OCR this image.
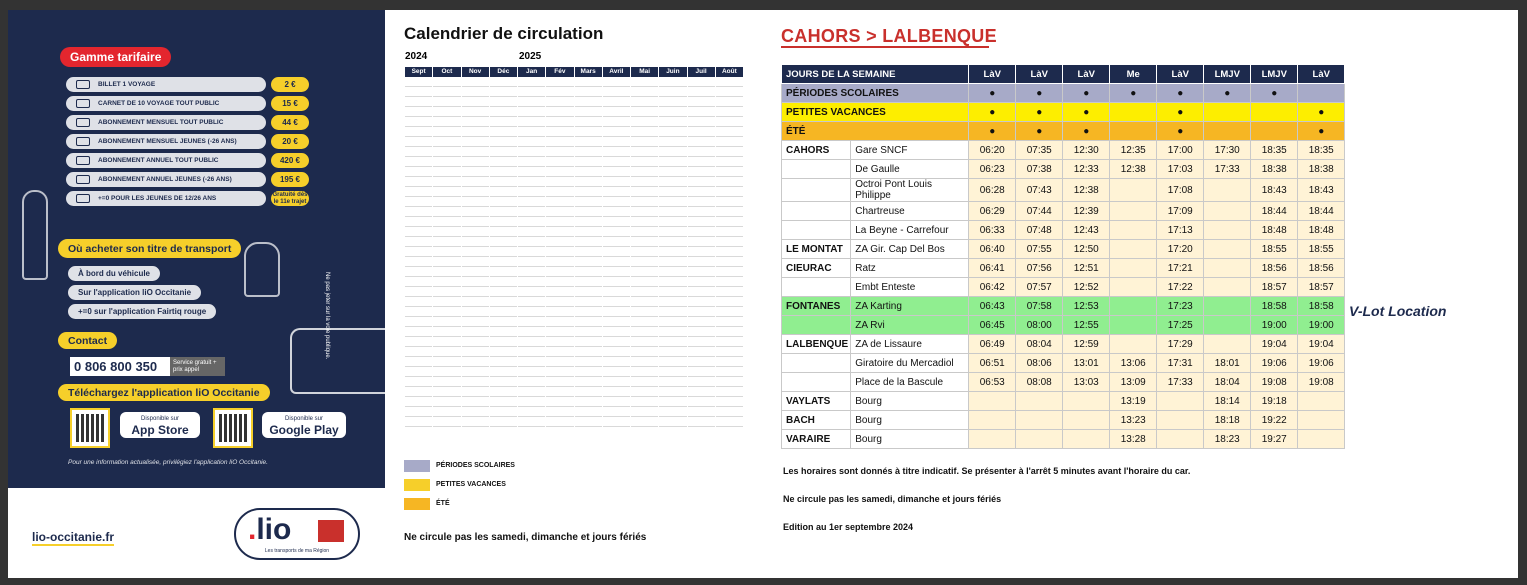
Gamme tarifaire
BILLET 1 VOYAGE	2 €
CARNET DE 10 VOYAGE TOUT PUBLIC	15 €
ABONNEMENT MENSUEL TOUT PUBLIC	44 €
ABONNEMENT MENSUEL JEUNES (-26 ANS)	20 €
ABONNEMENT ANNUEL TOUT PUBLIC	420 €
ABONNEMENT ANNUEL JEUNES (-26 ANS)	195 €
+=0 POUR LES JEUNES DE 12/26 ANS
Gratuité dès le 11e trajet
Où acheter son titre de transport
À bord du véhicule
Sur l'application liO Occitanie
+=0 sur l'application Fairtiq rouge	Ne pas jeter sur la voie publique.
Contact
0 806 800 350	Service gratuit + prix appel
Téléchargez l'application liO Occitanie
Disponible sur
App Store
Disponible sur
Google Play
Pour une information actualisée, privilégiez l'application liO Occitanie.
lio-occitanie.fr	.lio
Les transports de ma Région
Calendrier de circulation
2024	2025
Sept	Oct	Nov	Déc	Jan	Fév	Mars	Avril	Mai	Juin	Juil	Août
PÉRIODES SCOLAIRES
PETITES VACANCES
ÉTÉ
Ne circule pas les samedi, dimanche et jours fériés
CAHORS > LALBENQUE
JOURS DE LA SEMAINE		LàV	LàV	LàV	Me	LàV	LMJV	LMJV	LàV
PÉRIODES SCOLAIRES		●	●	●	●	●	●	●	
PETITES VACANCES		●	●	●		●			●
ÉTÉ		●	●	●		●			●
CAHORS	Gare SNCF	06:20	07:35	12:30	12:35	17:00	17:30	18:35	18:35
	De Gaulle	06:23	07:38	12:33	12:38	17:03	17:33	18:38	18:38
	Octroi Pont Louis Philippe	06:28	07:43	12:38		17:08		18:43	18:43
	Chartreuse	06:29	07:44	12:39		17:09		18:44	18:44
	La Beyne - Carrefour	06:33	07:48	12:43		17:13		18:48	18:48
LE MONTAT	ZA Gir. Cap Del Bos	06:40	07:55	12:50		17:20		18:55	18:55
CIEURAC	Ratz	06:41	07:56	12:51		17:21		18:56	18:56
	Embt Enteste	06:42	07:57	12:52		17:22		18:57	18:57
FONTANES	ZA Karting	06:43	07:58	12:53		17:23		18:58	18:58
	ZA Rvi	06:45	08:00	12:55		17:25		19:00	19:00
LALBENQUE	ZA de Lissaure	06:49	08:04	12:59		17:29		19:04	19:04
	Giratoire du Mercadiol	06:51	08:06	13:01	13:06	17:31	18:01	19:06	19:06
	Place de la Bascule	06:53	08:08	13:03	13:09	17:33	18:04	19:08	19:08
VAYLATS	Bourg				13:19		18:14	19:18	
BACH	Bourg				13:23		18:18	19:22	
VARAIRE	Bourg				13:28		18:23	19:27	
V-Lot Location
Les horaires sont donnés à titre indicatif. Se présenter à l'arrêt 5 minutes avant l'horaire du car.
Ne circule pas les samedi, dimanche et jours fériés
Edition au 1er septembre 2024
